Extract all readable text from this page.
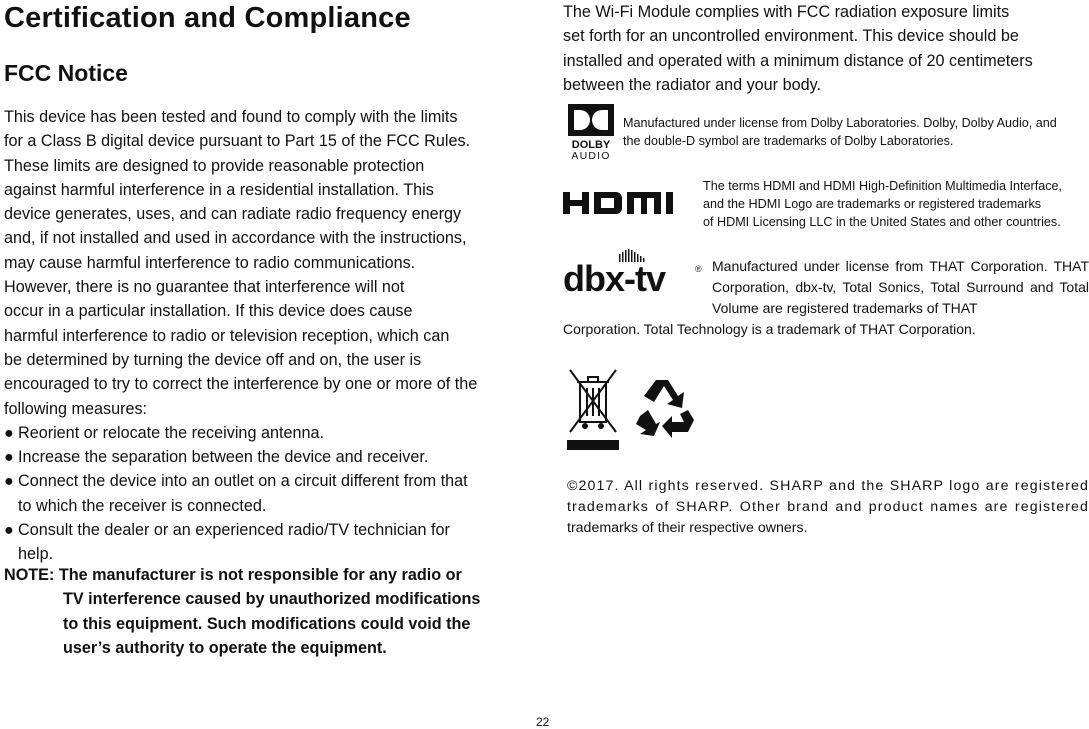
Certification and Compliance
FCC Notice
This device has been tested and found to comply with the limits
for a Class B digital device pursuant to Part 15 of the FCC Rules.
These limits are designed to provide reasonable protection
against harmful interference in a residential installation. This
device generates, uses, and can radiate radio frequency energy
and, if not installed and used in accordance with the instructions,
may cause harmful interference to radio communications.
However, there is no guarantee that interference will not
occur in a particular installation. If this device does cause
harmful interference to radio or television reception, which can
be determined by turning the device off and on, the user is
encouraged to try to correct the interference by one or more of the
following measures:
● Reorient or relocate the receiving antenna.
● Increase the separation between the device and receiver.
● Connect the device into an outlet on a circuit different from that
to which the receiver is connected.
● Consult the dealer or an experienced radio/TV technician for
help.
NOTE: The manufacturer is not responsible for any radio or
TV interference caused by unauthorized modifications
to this equipment. Such modifications could void the
user’s authority to operate the equipment.
The Wi-Fi Module complies with FCC radiation exposure limits
set forth for an uncontrolled environment. This device should be
installed and operated with a minimum distance of 20 centimeters
between the radiator and your body.
DOLBY
AUDIO
Manufactured under license from Dolby Laboratories. Dolby, Dolby Audio, and
the double-D symbol are trademarks of Dolby Laboratories.
The terms HDMI and HDMI High-Definition Multimedia Interface,
and the HDMI Logo are trademarks or registered trademarks
of HDMI Licensing LLC in the United States and other countries.
dbx-tv	® Manufactured under license from THAT Corporation. THAT Corporation, dbx-tv, Total Sonics, Total Surround and Total Volume are registered trademarks of THAT
Corporation. Total Technology is a trademark of THAT Corporation.
©2017. All rights reserved. SHARP and the SHARP logo are registered
trademarks of SHARP. Other brand and product names are registered
trademarks of their respective owners.
22
